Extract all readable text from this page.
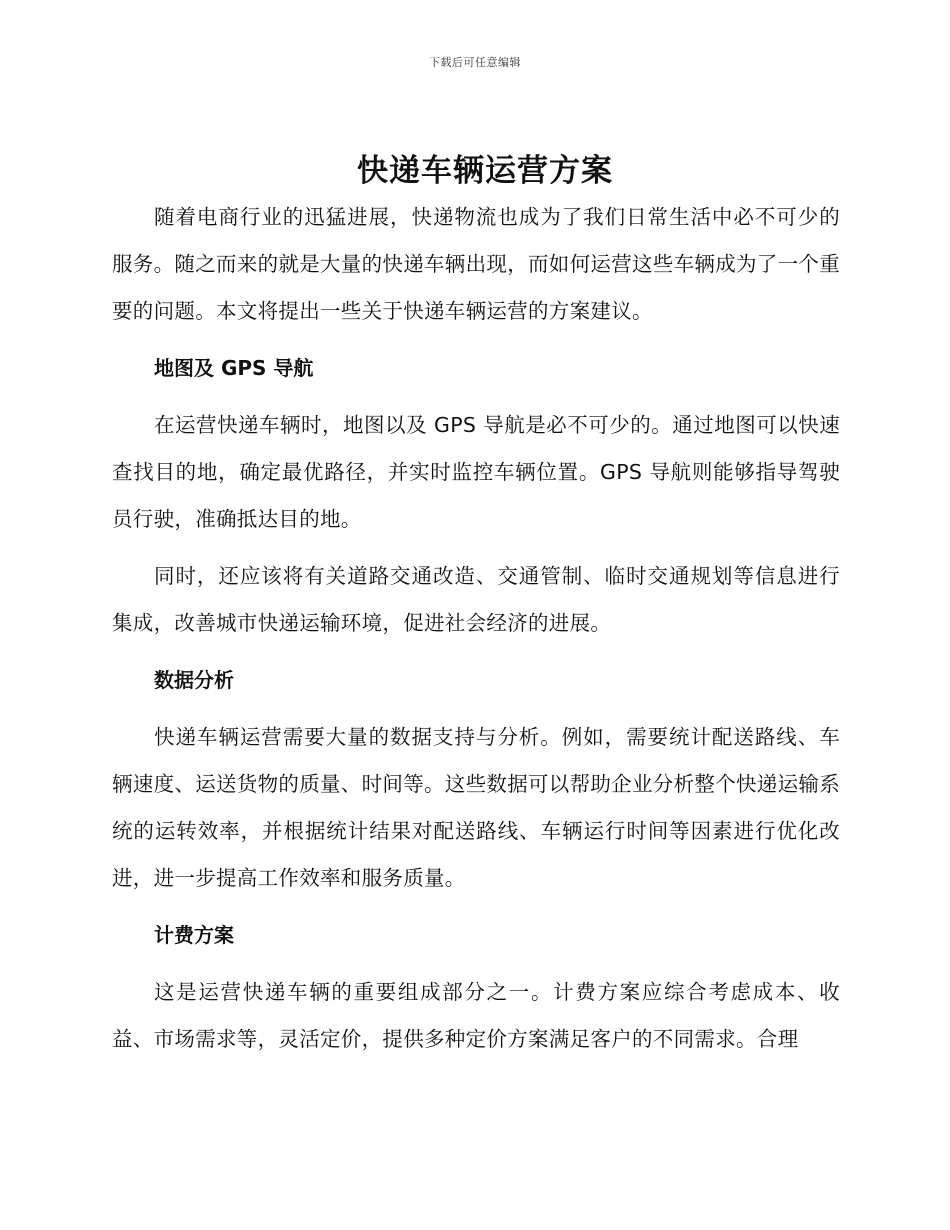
下载后可任意编辑
快递车辆运营方案

随着电商行业的迅猛进展，快递物流也成为了我们日常生活中必不可少的服务。随之而来的就是大量的快递车辆出现，而如何运营这些车辆成为了一个重要的问题。本文将提出一些关于快递车辆运营的方案建议。

地图及 GPS 导航

在运营快递车辆时，地图以及 GPS 导航是必不可少的。通过地图可以快速查找目的地，确定最优路径，并实时监控车辆位置。GPS 导航则能够指导驾驶员行驶，准确抵达目的地。

同时，还应该将有关道路交通改造、交通管制、临时交通规划等信息进行集成，改善城市快递运输环境，促进社会经济的进展。

数据分析

快递车辆运营需要大量的数据支持与分析。例如，需要统计配送路线、车辆速度、运送货物的质量、时间等。这些数据可以帮助企业分析整个快递运输系统的运转效率，并根据统计结果对配送路线、车辆运行时间等因素进行优化改进，进一步提高工作效率和服务质量。

计费方案

这是运营快递车辆的重要组成部分之一。计费方案应综合考虑成本、收益、市场需求等，灵活定价，提供多种定价方案满足客户的不同需求。合理
